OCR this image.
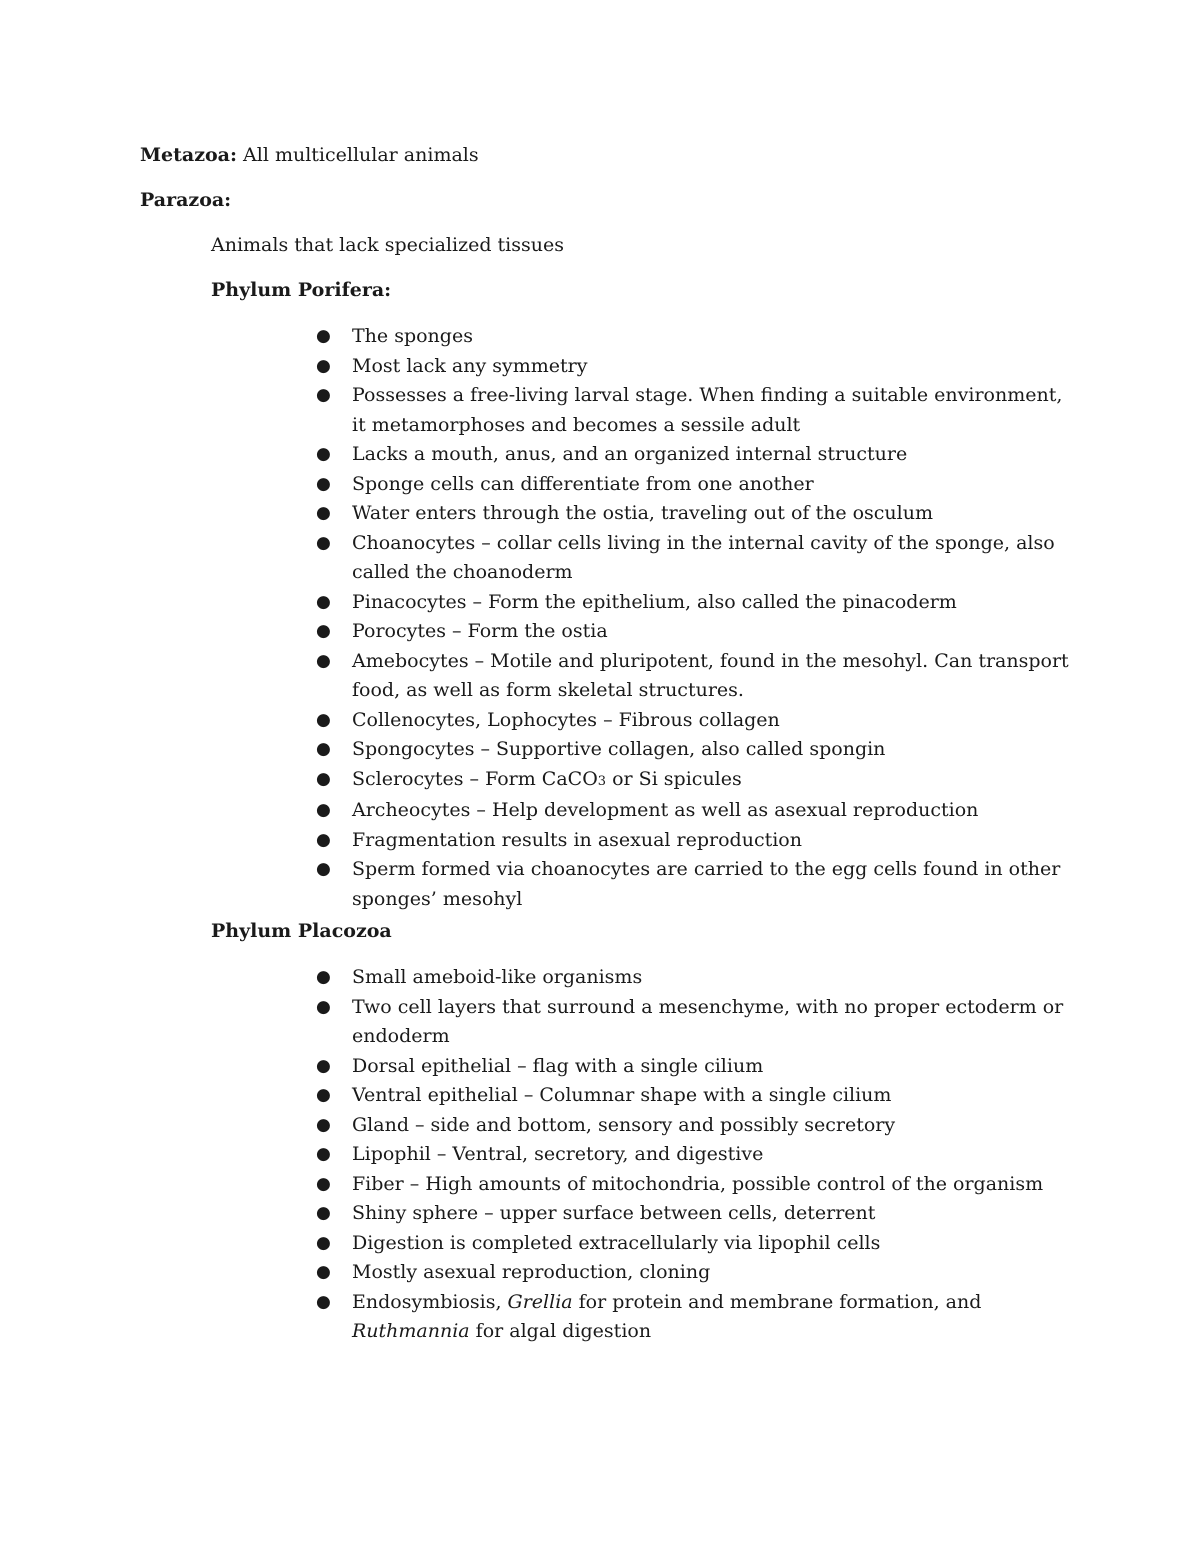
Metazoa: All multicellular animals
Parazoa:
Animals that lack specialized tissues
Phylum Porifera:
● The sponges
● Most lack any symmetry
● Possesses a free-living larval stage. When finding a suitable environment, it metamorphoses and becomes a sessile adult
● Lacks a mouth, anus, and an organized internal structure
● Sponge cells can differentiate from one another
● Water enters through the ostia, traveling out of the osculum
● Choanocytes – collar cells living in the internal cavity of the sponge, also called the choanoderm
● Pinacocytes – Form the epithelium, also called the pinacoderm
● Porocytes – Form the ostia
● Amebocytes – Motile and pluripotent, found in the mesohyl. Can transport food, as well as form skeletal structures.
● Collenocytes, Lophocytes – Fibrous collagen
● Spongocytes – Supportive collagen, also called spongin
● Sclerocytes – Form CaCO3 or Si spicules
● Archeocytes – Help development as well as asexual reproduction
● Fragmentation results in asexual reproduction
● Sperm formed via choanocytes are carried to the egg cells found in other sponges’ mesohyl
Phylum Placozoa
● Small ameboid-like organisms
● Two cell layers that surround a mesenchyme, with no proper ectoderm or endoderm
● Dorsal epithelial – flag with a single cilium
● Ventral epithelial – Columnar shape with a single cilium
● Gland – side and bottom, sensory and possibly secretory
● Lipophil – Ventral, secretory, and digestive
● Fiber – High amounts of mitochondria, possible control of the organism
● Shiny sphere – upper surface between cells, deterrent
● Digestion is completed extracellularly via lipophil cells
● Mostly asexual reproduction, cloning
● Endosymbiosis, Grellia for protein and membrane formation, and Ruthmannia for algal digestion
